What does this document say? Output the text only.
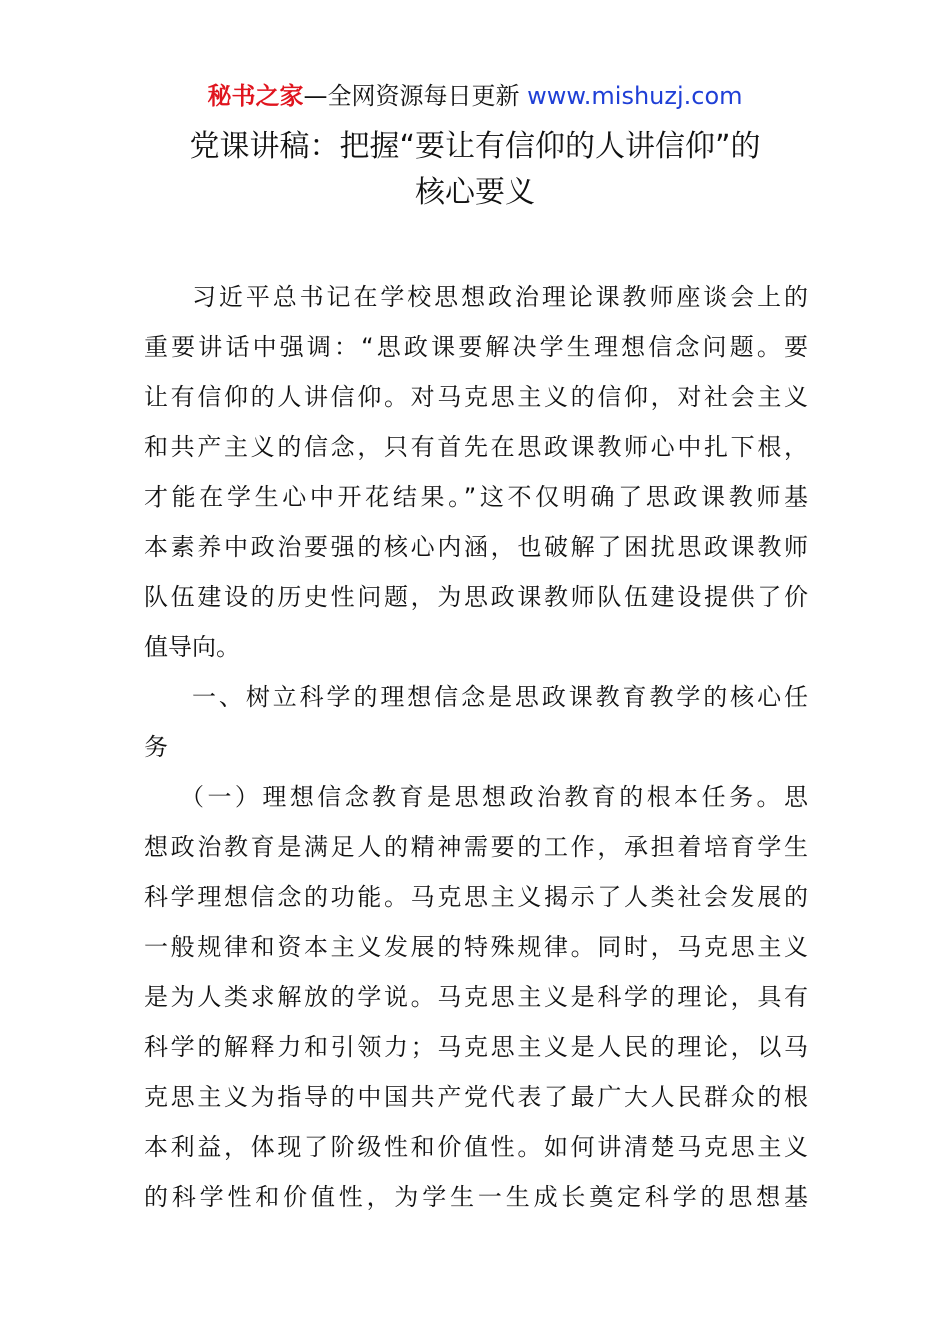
秘书之家—全网资源每日更新 www.mishuzj.com
党课讲稿：把握“要让有信仰的人讲信仰”的
核心要义
习近平总书记在学校思想政治理论课教师座谈会上的
重要讲话中强调：“思政课要解决学生理想信念问题。要
让有信仰的人讲信仰。对马克思主义的信仰，对社会主义
和共产主义的信念，只有首先在思政课教师心中扎下根，
才能在学生心中开花结果。”这不仅明确了思政课教师基
本素养中政治要强的核心内涵，也破解了困扰思政课教师
队伍建设的历史性问题，为思政课教师队伍建设提供了价
值导向。
一、树立科学的理想信念是思政课教育教学的核心任
务
（一）理想信念教育是思想政治教育的根本任务。思
想政治教育是满足人的精神需要的工作，承担着培育学生
科学理想信念的功能。马克思主义揭示了人类社会发展的
一般规律和资本主义发展的特殊规律。同时，马克思主义
是为人类求解放的学说。马克思主义是科学的理论，具有
科学的解释力和引领力；马克思主义是人民的理论，以马
克思主义为指导的中国共产党代表了最广大人民群众的根
本利益，体现了阶级性和价值性。如何讲清楚马克思主义
的科学性和价值性，为学生一生成长奠定科学的思想基
